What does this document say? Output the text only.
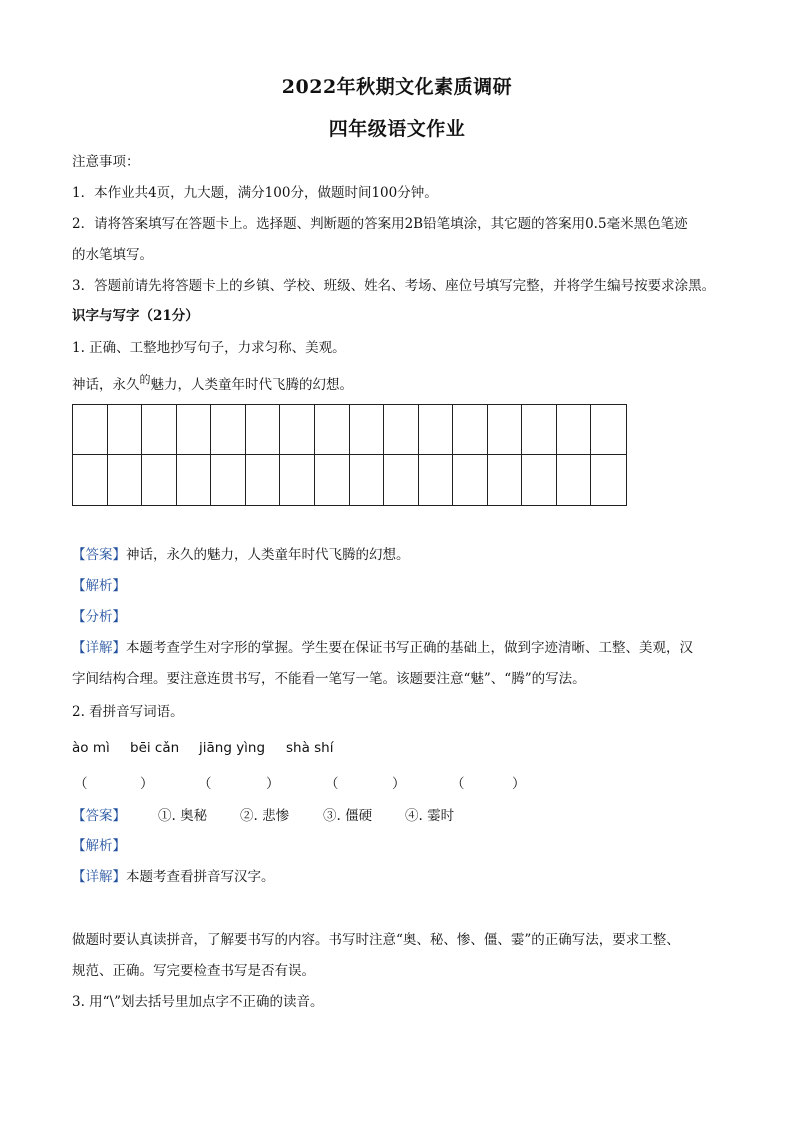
2022年秋期文化素质调研
四年级语文作业
注意事项：
1．本作业共4页，九大题，满分100分，做题时间100分钟。
2．请将答案填写在答题卡上。选择题、判断题的答案用2B铅笔填涂，其它题的答案用0.5毫米黑色笔迹
的水笔填写。
3．答题前请先将答题卡上的乡镇、学校、班级、姓名、考场、座位号填写完整，并将学生编号按要求涂黑。
识字与写字（21分）
1. 正确、工整地抄写句子，力求匀称、美观。
神话，永久$^的$魅力，人类童年时代飞腾的幻想。
【答案】神话，永久的魅力，人类童年时代飞腾的幻想。
【解析】
【分析】
【详解】本题考查学生对字形的掌握。学生要在保证书写正确的基础上，做到字迹清晰、工整、美观，汉
字间结构合理。要注意连贯书写，不能看一笔写一笔。该题要注意“魅”、“腾”的写法。
2. 看拼音写词语。
ào mì bēi cǎn jiāng yìng shà shí
（	）	（	）	（	）	（	）
【答案】 ①. 奥秘 ②. 悲惨	③. 僵硬 ④. 霎时
【解析】
【详解】本题考查看拼音写汉字。
做题时要认真读拼音，了解要书写的内容。书写时注意“奥、秘、惨、僵、霎”的正确写法，要求工整、
规范、正确。写完要检查书写是否有误。
3. 用“\”划去括号里加点字不正确的读音。
